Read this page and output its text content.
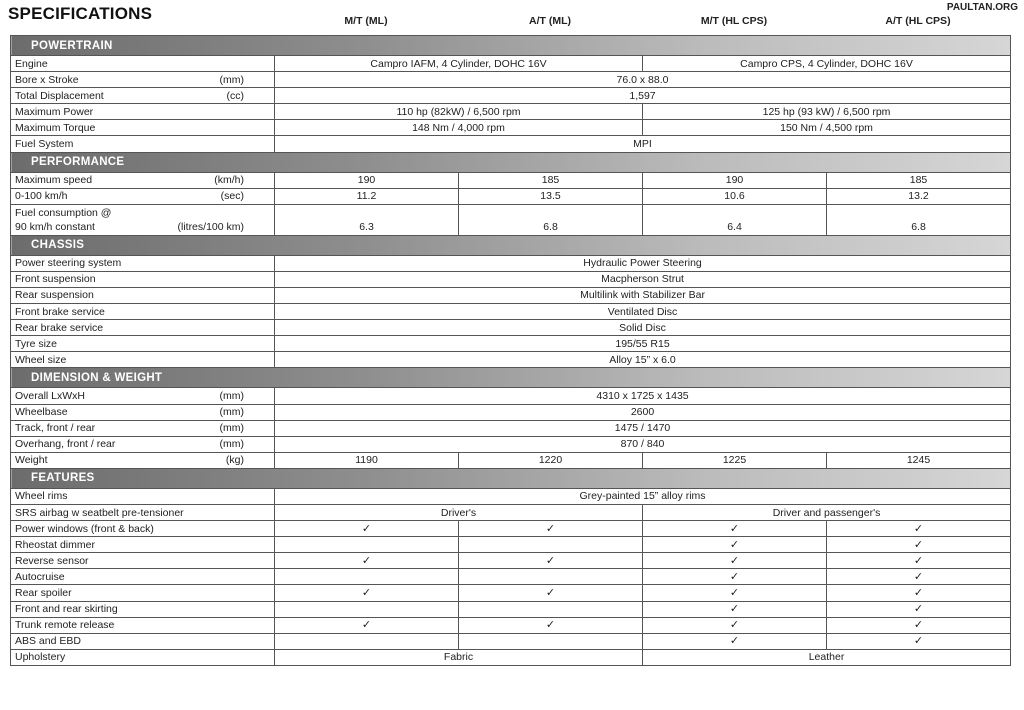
SPECIFICATIONS	PAULTAN.ORG
M/T (ML)	A/T (ML)	M/T (HL CPS)	A/T (HL CPS)
POWERTRAIN				

Engine	Campro IAFM, 4 Cylinder, DOHC 16V		Campro CPS, 4 Cylinder, DOHC 16V	

Bore x Stroke (mm)	76.0 x 88.0			

Total Displacement (cc)	1,597			

Maximum Power	110 hp (82kW) / 6,500 rpm		125 hp (93 kW) / 6,500 rpm	

Maximum Torque	148 Nm / 4,000 rpm		150 Nm / 4,500 rpm	

Fuel System	MPI			
PERFORMANCE				

Maximum speed (km/h)	190	185	190	185

0-100 km/h (sec)	11.2	13.5	10.6	13.2

Fuel consumption @
90 km/h constant (litres/100 km)	6.3	6.8	6.4	6.8
CHASSIS				

Power steering system	Hydraulic Power Steering			

Front suspension	Macpherson Strut			

Rear suspension	Multilink with Stabilizer Bar			

Front brake service	Ventilated Disc			

Rear brake service	Solid Disc			

Tyre size	195/55 R15			

Wheel size	Alloy 15” x 6.0			
DIMENSION & WEIGHT				

Overall LxWxH (mm)	4310 x 1725 x 1435			

Wheelbase (mm)	2600			

Track, front / rear (mm)	1475 / 1470			

Overhang, front / rear (mm)	870 / 840			

Weight (kg)	1190	1220	1225	1245
FEATURES				

Wheel rims	Grey-painted 15” alloy rims			

SRS airbag w seatbelt pre-tensioner	Driver's		Driver and passenger's	

Power windows (front & back)	✓	✓	✓	✓

Rheostat dimmer			✓	✓

Reverse sensor	✓	✓	✓	✓

Autocruise			✓	✓

Rear spoiler	✓	✓	✓	✓

Front and rear skirting			✓	✓

Trunk remote release	✓	✓	✓	✓

ABS and EBD			✓	✓

Upholstery	Fabric		Leather	
